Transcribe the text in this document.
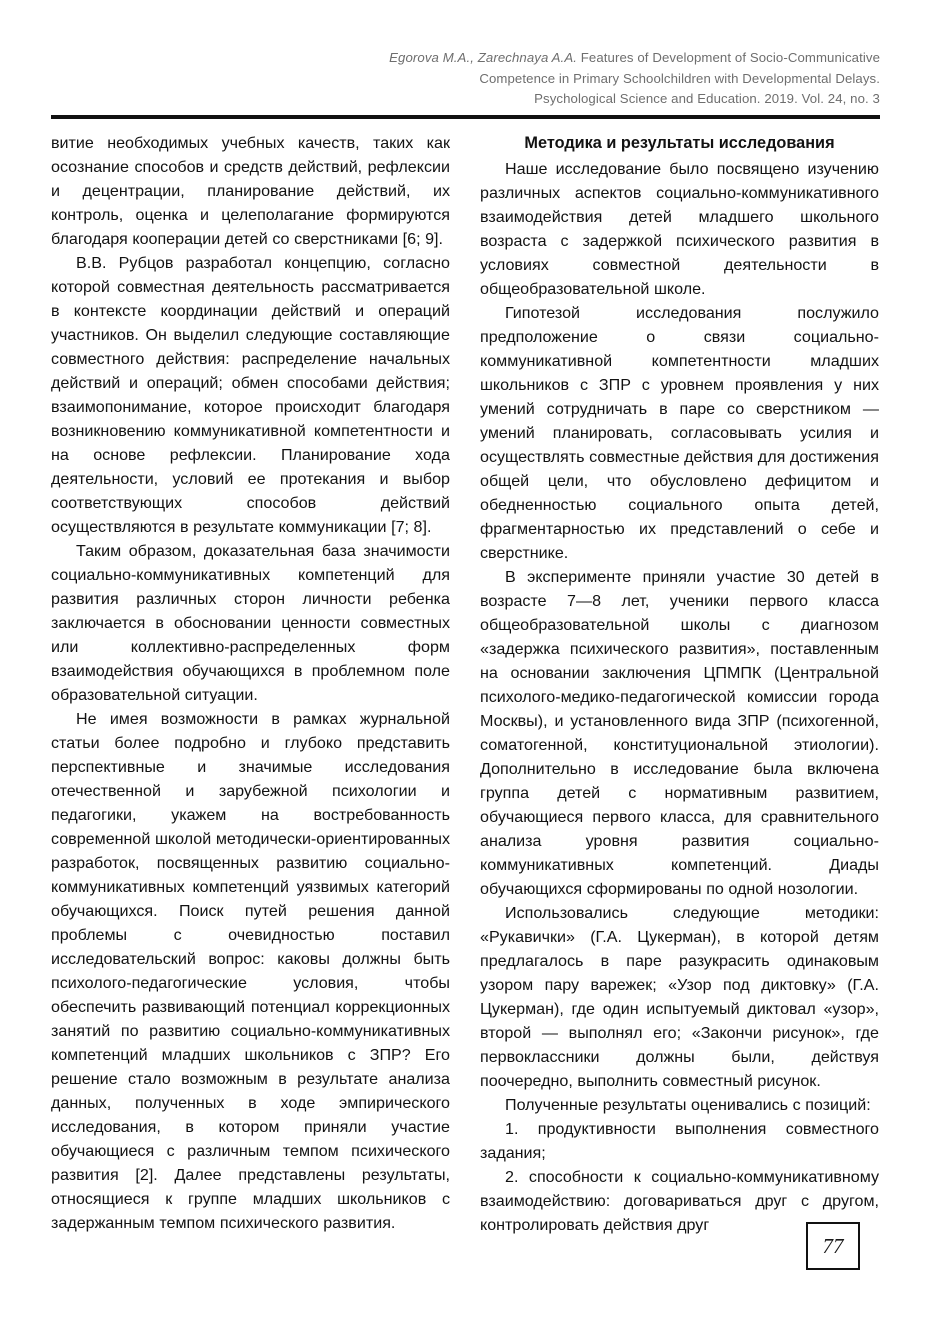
Egorova M.A., Zarechnaya A.A. Features of Development of Socio-Communicative
Competence in Primary Schoolchildren with Developmental Delays.
Psychological Science and Education. 2019. Vol. 24, no. 3

витие необходимых учебных качеств, таких как осознание способов и средств действий, рефлексии и децентрации, планирование действий, их контроль, оценка и целеполагание формируются благодаря кооперации детей со сверстниками [6; 9].

В.В. Рубцов разработал концепцию, согласно которой совместная деятельность рассматривается в контексте координации действий и операций участников. Он выделил следующие составляющие совместного действия: распределение начальных действий и операций; обмен способами действия; взаимопонимание, которое происходит благодаря возникновению коммуникативной компетентности и на основе рефлексии. Планирование хода деятельности, условий ее протекания и выбор соответствующих способов действий осуществляются в результате коммуникации [7; 8].

Таким образом, доказательная база значимости социально-коммуникативных компетенций для развития различных сторон личности ребенка заключается в обосновании ценности совместных или коллективно-распределенных форм взаимодействия обучающихся в проблемном поле образовательной ситуации.

Не имея возможности в рамках журнальной статьи более подробно и глубоко представить перспективные и значимые исследования отечественной и зарубежной психологии и педагогики, укажем на востребованность современной школой методически-ориентированных разработок, посвященных развитию социально-коммуникативных компетенций уязвимых категорий обучающихся. Поиск путей решения данной проблемы с очевидностью поставил исследовательский вопрос: каковы должны быть психолого-педагогические условия, чтобы обеспечить развивающий потенциал коррекционных занятий по развитию социально-коммуникативных компетенций младших школьников с ЗПР? Его решение стало возможным в результате анализа данных, полученных в ходе эмпирического исследования, в котором приняли участие обучающиеся с различным темпом психического развития [2]. Далее представлены результаты, относящиеся к группе младших школьников с задержанным темпом психического развития.

Методика и результаты исследования

Наше исследование было посвящено изучению различных аспектов социально-коммуникативного взаимодействия детей младшего школьного возраста с задержкой психического развития в условиях совместной деятельности в общеобразовательной школе.

Гипотезой исследования послужило предположение о связи социально-коммуникативной компетентности младших школьников с ЗПР с уровнем проявления у них умений сотрудничать в паре со сверстником — умений планировать, согласовывать усилия и осуществлять совместные действия для достижения общей цели, что обусловлено дефицитом и обедненностью социального опыта детей, фрагментарностью их представлений о себе и сверстнике.

В эксперименте приняли участие 30 детей в возрасте 7—8 лет, ученики первого класса общеобразовательной школы с диагнозом «задержка психического развития», поставленным на основании заключения ЦПМПК (Центральной психолого-медико-педагогической комиссии города Москвы), и установленного вида ЗПР (психогенной, соматогенной, конституциональной этиологии). Дополнительно в исследование была включена группа детей с нормативным развитием, обучающиеся первого класса, для сравнительного анализа уровня развития социально-коммуникативных компетенций. Диады обучающихся сформированы по одной нозологии.

Использовались следующие методики: «Рукавички» (Г.А. Цукерман), в которой детям предлагалось в паре разукрасить одинаковым узором пару варежек; «Узор под диктовку» (Г.А. Цукерман), где один испытуемый диктовал «узор», второй — выполнял его; «Закончи рисунок», где первоклассники должны были, действуя поочередно, выполнить совместный рисунок.

Полученные результаты оценивались с позиций:

1. продуктивности выполнения совместного задания;

2. способности к социально-коммуникативному взаимодействию: договариваться друг с другом, контролировать действия друг

77
